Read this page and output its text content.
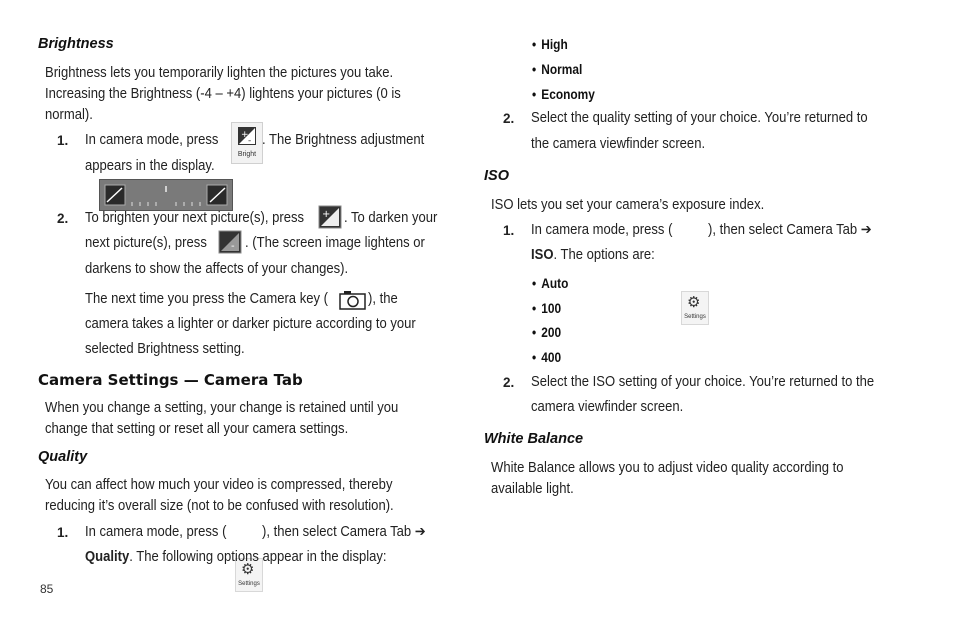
Brightness
Brightness lets you temporarily lighten the pictures you take.
Increasing the Brightness (-4 – +4) lightens your pictures (0 is
normal).
1. In camera mode, press	+
-
Bright
. The Brightness adjustment
appears in the display.
2. To brighten your next picture(s), press + . To darken your
next picture(s), press - . (The screen image lightens or
darkens to show the affects of your changes).
The next time you press the Camera key (	), the
camera takes a lighter or darker picture according to your
selected Brightness setting.
Camera Settings — Camera Tab
When you change a setting, your change is retained until you
change that setting or reset all your camera settings.
Quality
You can affect how much your video is compressed, thereby
reducing it’s overall size (not to be confused with resolution).
1. In camera mode, press (
⚙
Settings
), then select Camera Tab ➔
Quality. The following options appear in the display:
85
• High
• Normal
• Economy
2. Select the quality setting of your choice. You’re returned to
the camera viewfinder screen.
ISO
ISO lets you set your camera’s exposure index.
1. In camera mode, press (
⚙
Settings
), then select Camera Tab ➔
ISO. The options are:
• Auto
• 100
• 200
• 400
2. Select the ISO setting of your choice. You’re returned to the
camera viewfinder screen.
White Balance
White Balance allows you to adjust video quality according to
available light.
